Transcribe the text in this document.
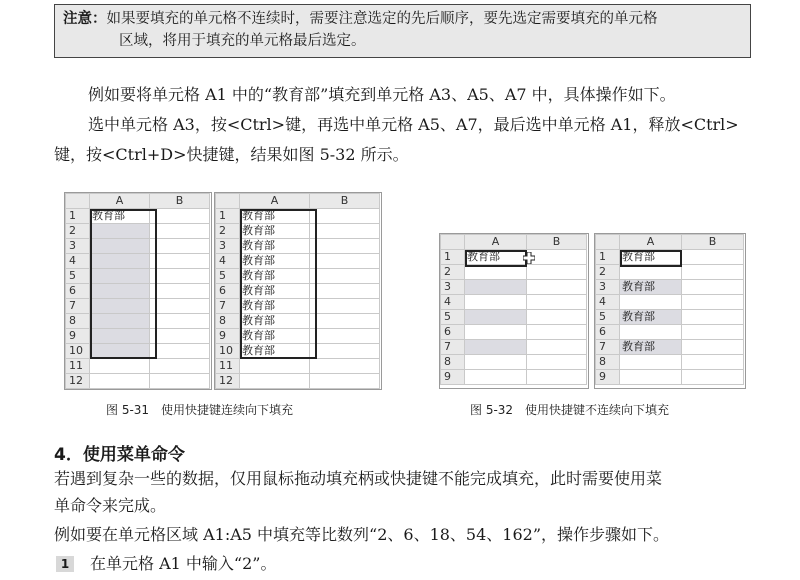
注意：如果要填充的单元格不连续时，需要注意选定的先后顺序，要先选定需要填充的单元格
区域，将用于填充的单元格最后选定。
例如要将单元格 A1 中的“教育部”填充到单元格 A3、A5、A7 中，具体操作如下。
选中单元格 A3，按<Ctrl>键，再选中单元格 A5、A7，最后选中单元格 A1，释放<Ctrl>
键，按<Ctrl+D>快捷键，结果如图 5-32 所示。
	A	B
1	教育部	
2		
3		
4		
5		
6		
7		
8		
9		
10		
11		
12		
	A	B
1	教育部	
2	教育部	
3	教育部	
4	教育部	
5	教育部	
6	教育部	
7	教育部	
8	教育部	
9	教育部	
10	教育部	
11		
12		
	A	B
1	教育部	
2		
3		
4		
5		
6		
7		
8		
9		
	A	B
1	教育部	
2		
3	教育部	
4		
5	教育部	
6		
7	教育部	
8		
9		
图 5-31　使用快捷键连续向下填充	图 5-32　使用快捷键不连续向下填充
4．使用菜单命令
若遇到复杂一些的数据，仅用鼠标拖动填充柄或快捷键不能完成填充，此时需要使用菜
单命令来完成。
例如要在单元格区域 A1:A5 中填充等比数列“2、6、18、54、162”，操作步骤如下。
1	在单元格 A1 中输入“2”。
